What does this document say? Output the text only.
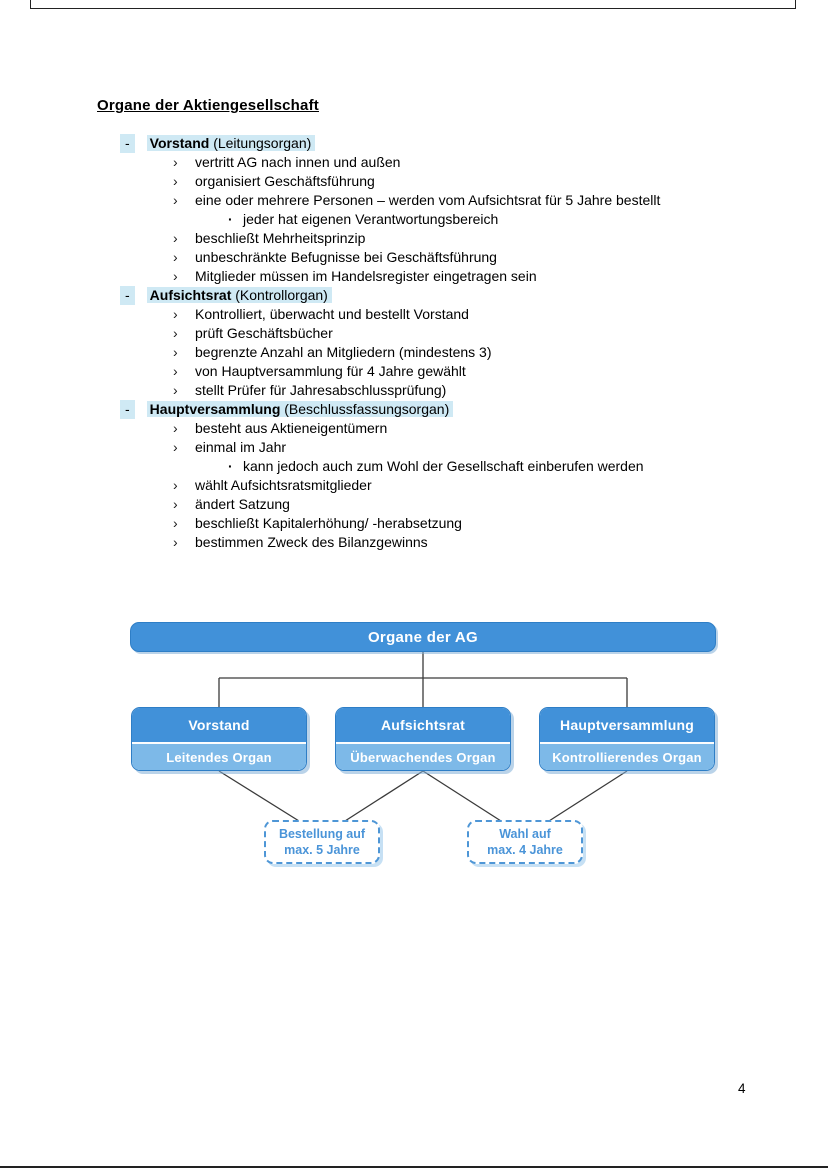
Organe der Aktiengesellschaft
- Vorstand (Leitungsorgan)
› vertritt AG nach innen und außen
› organisiert Geschäftsführung
› eine oder mehrere Personen – werden vom Aufsichtsrat für 5 Jahre bestellt
· jeder hat eigenen Verantwortungsbereich
› beschließt Mehrheitsprinzip
› unbeschränkte Befugnisse bei Geschäftsführung
› Mitglieder müssen im Handelsregister eingetragen sein
- Aufsichtsrat (Kontrollorgan)
› Kontrolliert, überwacht und bestellt Vorstand
› prüft Geschäftsbücher
› begrenzte Anzahl an Mitgliedern (mindestens 3)
› von Hauptversammlung für 4 Jahre gewählt
› stellt Prüfer für Jahresabschlussprüfung)
- Hauptversammlung (Beschlussfassungsorgan)
› besteht aus Aktieneigentümern
› einmal im Jahr
· kann jedoch auch zum Wohl der Gesellschaft einberufen werden
› wählt Aufsichtsratsmitglieder
› ändert Satzung
› beschließt Kapitalerhöhung/ -herabsetzung
› bestimmen Zweck des Bilanzgewinns
Organe der AG
Vorstand
Leitendes Organ
Aufsichtsrat
Überwachendes Organ
Hauptversammlung
Kontrollierendes Organ
Bestellung auf
max. 5 Jahre
Wahl auf
max. 4 Jahre
4
